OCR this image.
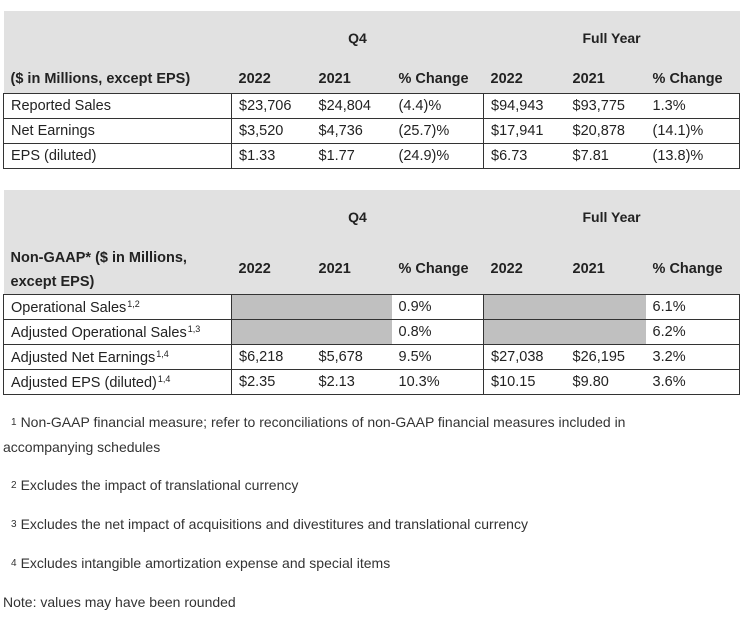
	Q4			Full Year		
($ in Millions, except EPS)	2022	2021	% Change	2022	2021	% Change
Reported Sales	$23,706	$24,804	(4.4)%	$94,943	$93,775	1.3%
Net Earnings	$3,520	$4,736	(25.7)%	$17,941	$20,878	(14.1)%
EPS (diluted)	$1.33	$1.77	(24.9)%	$6.73	$7.81	(13.8)%
	Q4			Full Year		
Non-GAAP* ($ in Millions, except EPS)	2022	2021	% Change	2022	2021	% Change
Operational Sales$^{1,2}$			0.9%			6.1%
Adjusted Operational Sales$^{1,3}$			0.8%			6.2%
Adjusted Net Earnings$^{1,4}$	$6,218	$5,678	9.5%	$27,038	$26,195	3.2%
Adjusted EPS (diluted)$^{1,4}$	$2.35	$2.13	10.3%	$10.15	$9.80	3.6%
1 Non-GAAP financial measure; refer to reconciliations of non-GAAP financial measures included in accompanying schedules
2 Excludes the impact of translational currency
3 Excludes the net impact of acquisitions and divestitures and translational currency
4 Excludes intangible amortization expense and special items
Note: values may have been rounded
